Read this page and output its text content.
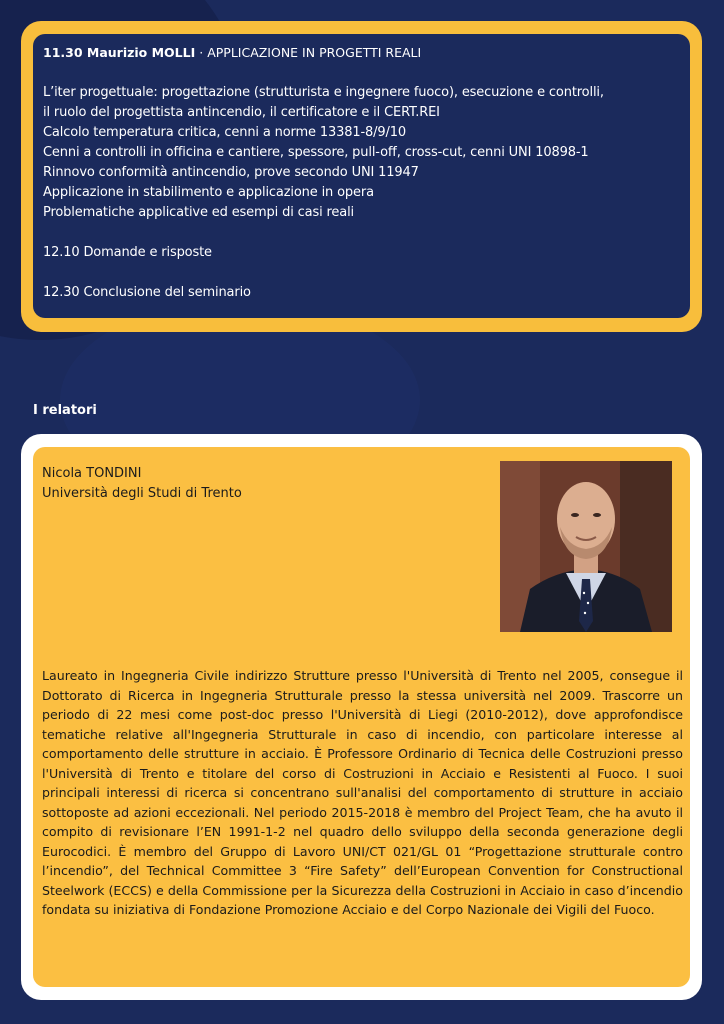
11.30 Maurizio MOLLI · APPLICAZIONE IN PROGETTI REALI
L’iter progettuale: progettazione (strutturista e ingegnere fuoco), esecuzione e controlli,
il ruolo del progettista antincendio, il certificatore e il CERT.REI
Calcolo temperatura critica, cenni a norme 13381-8/9/10
Cenni a controlli in officina e cantiere, spessore, pull-off, cross-cut, cenni UNI 10898-1
Rinnovo conformità antincendio, prove secondo UNI 11947
Applicazione in stabilimento e applicazione in opera
Problematiche applicative ed esempi di casi reali
12.10 Domande e risposte
12.30 Conclusione del seminario
I relatori
Nicola TONDINI
Università degli Studi di Trento
Laureato in Ingegneria Civile indirizzo Strutture presso l'Università di Trento nel 2005, consegue il Dottorato di Ricerca in Ingegneria Strutturale presso la stessa università nel 2009. Trascorre un periodo di 22 mesi come post-doc presso l'Università di Liegi (2010-2012), dove approfondisce tematiche relative all'Ingegneria Strutturale in caso di incendio, con particolare interesse al comportamento delle strutture in acciaio. È Professore Ordinario di Tecnica delle Costruzioni presso l'Università di Trento e titolare del corso di Costruzioni in Acciaio e Resistenti al Fuoco. I suoi principali interessi di ricerca si concentrano sull'analisi del comportamento di strutture in acciaio sottoposte ad azioni eccezionali. Nel periodo 2015-2018 è membro del Project Team, che ha avuto il compito di revisionare l’EN 1991-1-2 nel quadro dello sviluppo della seconda generazione degli Eurocodici. È membro del Gruppo di Lavoro UNI/CT 021/GL 01 “Progettazione strutturale contro l’incendio”, del Technical Committee 3 “Fire Safety” dell’European Convention for Constructional Steelwork (ECCS) e della Commissione per la Sicurezza della Costruzioni in Acciaio in caso d’incendio fondata su iniziativa di Fondazione Promozione Acciaio e del Corpo Nazionale dei Vigili del Fuoco.
